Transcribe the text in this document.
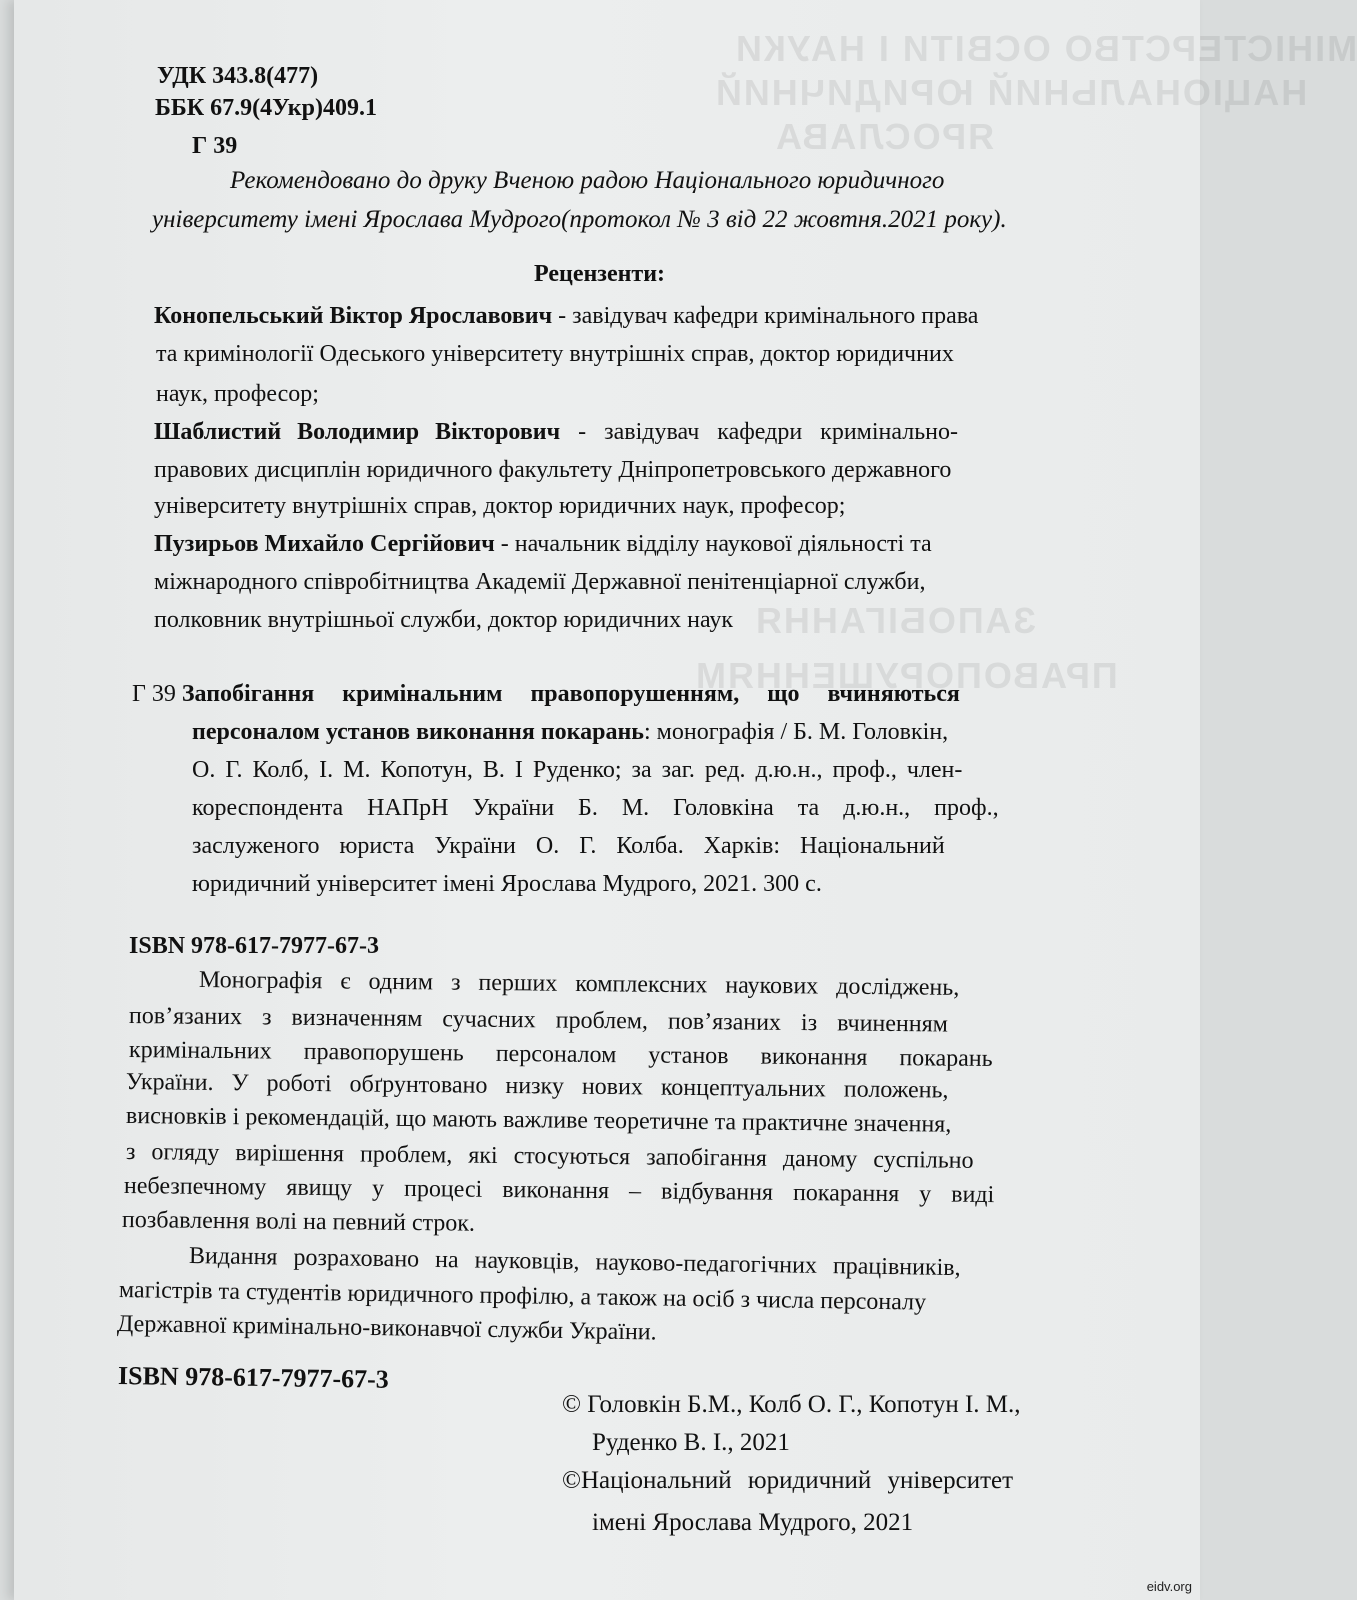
МІНІСТЕРСТВО ОСВІТИ І НАУКИ
НАЦІОНАЛЬНИЙ ЮРИДИЧНИЙ
ЯРОСЛАВА
ЗАПОБІГАННЯ
ПРАВОПОРУШЕННЯМ
УДК 343.8(477)
ББК 67.9(4Укр)409.1
Г 39
Рекомендовано до друку Вченою радою Національного юридичного
університету імені Ярослава Мудрого(протокол № 3 від 22 жовтня.2021 року).
Рецензенти:
Конопельський Віктор Ярославович - завідувач кафедри кримінального права
та кримінології Одеського університету внутрішніх справ, доктор юридичних
наук, професор;
Шаблистий Володимир Вікторович - завідувач кафедри кримінально-
правових дисциплін юридичного факультету Дніпропетровського державного
університету внутрішніх справ, доктор юридичних наук, професор;
Пузирьов Михайло Сергійович - начальник відділу наукової діяльності та
міжнародного співробітництва Академії Державної пенітенціарної служби,
полковник внутрішньої служби, доктор юридичних наук
Г 39 Запобігання кримінальним правопорушенням, що вчиняються
персоналом установ виконання покарань: монографія / Б. М. Головкін,
О. Г. Колб, І. М. Копотун, В. І Руденко; за заг. ред. д.ю.н., проф., член-
кореспондента НАПрН України Б. М. Головкіна та д.ю.н., проф.,
заслуженого юриста України О. Г. Колба. Харків: Національний
юридичний університет імені Ярослава Мудрого, 2021. 300 с.
ISBN 978-617-7977-67-3
Монографія є одним з перших комплексних наукових досліджень,
пов’язаних з визначенням сучасних проблем, пов’язаних із вчиненням
кримінальних правопорушень персоналом установ виконання покарань
України. У роботі обґрунтовано низку нових концептуальних положень,
висновків і рекомендацій, що мають важливе теоретичне та практичне значення,
з огляду вирішення проблем, які стосуються запобігання даному суспільно
небезпечному явищу у процесі виконання – відбування покарання у виді
позбавлення волі на певний строк.
Видання розраховано на науковців, науково-педагогічних працівників,
магістрів та студентів юридичного профілю, а також на осіб з числа персоналу
Державної кримінально-виконавчої служби України.
ISBN 978-617-7977-67-3
© Головкін Б.М., Колб О. Г., Копотун І. М.,
Руденко В. І., 2021
©Національний юридичний університет
імені Ярослава Мудрого, 2021
eidv.org
